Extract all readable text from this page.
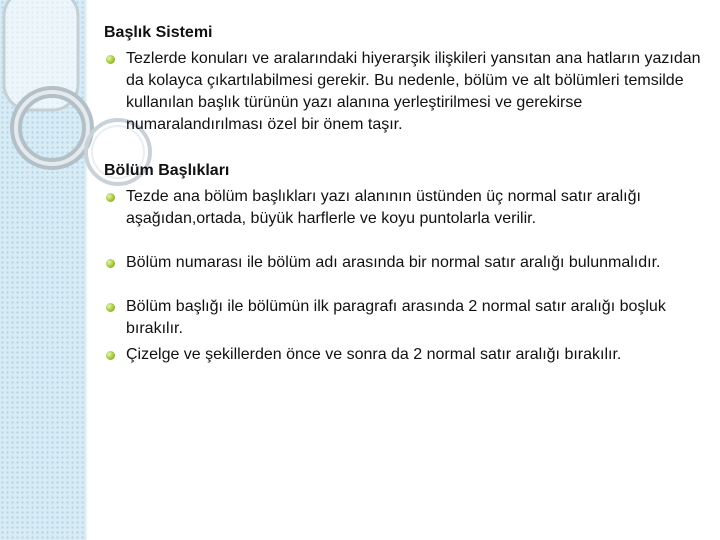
Başlık Sistemi
Tezlerde konuları ve aralarındaki hiyerarşik ilişkileri yansıtan ana hatların yazıdan da kolayca çıkartılabilmesi gerekir. Bu nedenle, bölüm ve alt bölümleri temsilde kullanılan başlık türünün yazı alanına yerleştirilmesi ve gerekirse numaralandırılması özel bir önem taşır.
Bölüm Başlıkları
Tezde ana bölüm başlıkları yazı alanının üstünden üç normal satır aralığı aşağıdan,ortada, büyük harflerle ve koyu puntolarla verilir.
Bölüm numarası ile bölüm adı arasında bir normal satır aralığı bulunmalıdır.
Bölüm başlığı ile bölümün ilk paragrafı arasında 2 normal satır aralığı boşluk bırakılır.
Çizelge ve şekillerden önce ve sonra da 2 normal satır aralığı bırakılır.
